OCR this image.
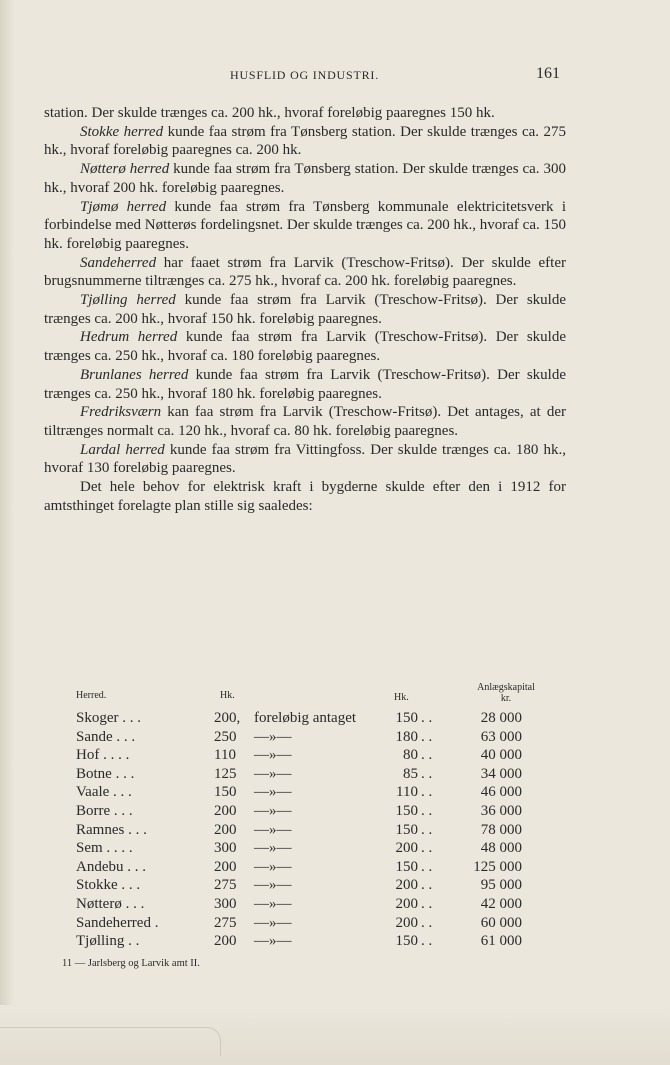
HUSFLID OG INDUSTRI.	161

station. Der skulde trænges ca. 200 hk., hvoraf foreløbig paaregnes 150 hk.

Stokke herred kunde faa strøm fra Tønsberg station. Der skulde trænges ca. 275 hk., hvoraf foreløbig paaregnes ca. 200 hk.

Nøtterø herred kunde faa strøm fra Tønsberg station. Der skulde trænges ca. 300 hk., hvoraf 200 hk. foreløbig paaregnes.

Tjømø herred kunde faa strøm fra Tønsberg kommunale elektricitetsverk i forbindelse med Nøtterøs fordelingsnet. Der skulde trænges ca. 200 hk., hvoraf ca. 150 hk. foreløbig paaregnes.

Sandeherred har faaet strøm fra Larvik (Treschow-Fritsø). Der skulde efter brugsnummerne tiltrænges ca. 275 hk., hvoraf ca. 200 hk. foreløbig paaregnes.

Tjølling herred kunde faa strøm fra Larvik (Treschow-Fritsø). Der skulde trænges ca. 200 hk., hvoraf 150 hk. foreløbig paaregnes.

Hedrum herred kunde faa strøm fra Larvik (Treschow-Fritsø). Der skulde trænges ca. 250 hk., hvoraf ca. 180 foreløbig paaregnes.

Brunlanes herred kunde faa strøm fra Larvik (Treschow-Fritsø). Der skulde trænges ca. 250 hk., hvoraf 180 hk. foreløbig paaregnes.

Fredriksværn kan faa strøm fra Larvik (Treschow-Fritsø). Det antages, at der tiltrænges normalt ca. 120 hk., hvoraf ca. 80 hk. foreløbig paaregnes.

Lardal herred kunde faa strøm fra Vittingfoss. Der skulde trænges ca. 180 hk., hvoraf 130 foreløbig paaregnes.

Det hele behov for elektrisk kraft i bygderne skulde efter den i 1912 for amtsthinget forelagte plan stille sig saaledes:

Herred.	Hk.	Hk.
Anlægskapital
kr.
Skoger . . .	200, foreløbig antaget	150 . .	28 000
Sande . . .	250 —»—	180 . .	63 000
Hof . . . .	110 —»—	80 . .	40 000
Botne . . .	125 —»—	85 . .	34 000
Vaale . . .	150 —»—	110 . .	46 000
Borre . . .	200 —»—	150 . .	36 000
Ramnes . . .	200 —»—	150 . .	78 000
Sem . . . .	300 —»—	200 . .	48 000
Andebu . . .	200 —»—	150 . .	125 000
Stokke . . .	275 —»—	200 . .	95 000
Nøtterø . . .	300 —»—	200 . .	42 000
Sandeherred .	275 —»—	200 . .	60 000
Tjølling . .	200 —»—	150 . .	61 000
11 — Jarlsberg og Larvik amt II.
